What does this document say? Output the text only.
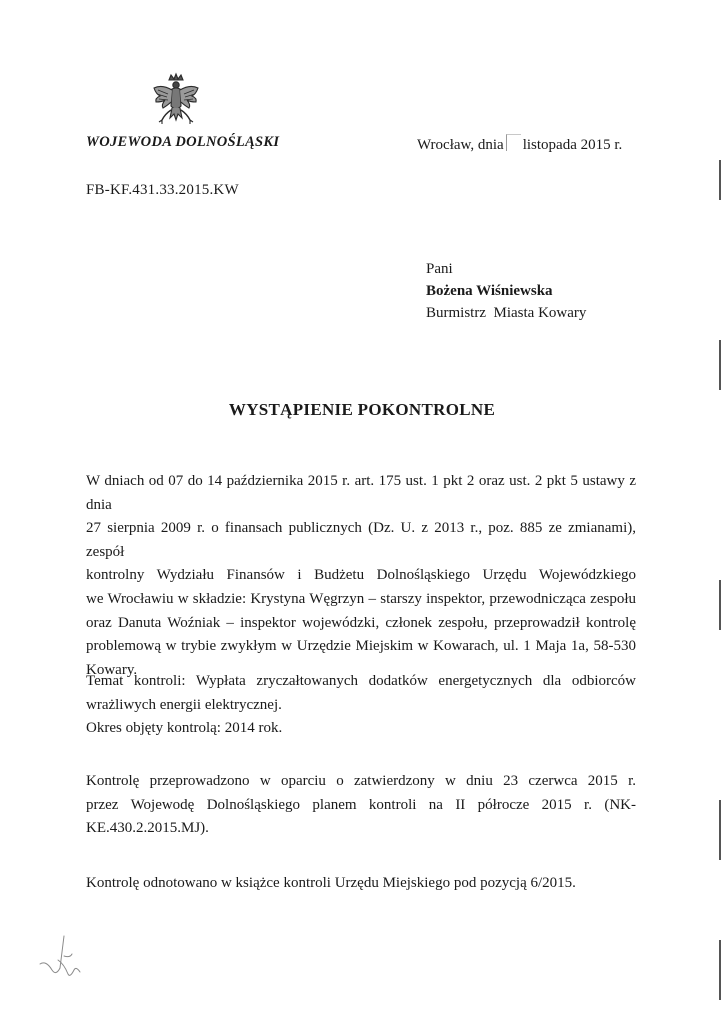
WOJEWODA DOLNOŚLĄSKI	Wrocław, dnia listopada 2015 r.
FB-KF.431.33.2015.KW
Pani
Bożena Wiśniewska
Burmistrz  Miasta Kowary
WYSTĄPIENIE POKONTROLNE
W dniach od 07 do 14 października 2015 r. art. 175 ust. 1 pkt 2 oraz ust. 2 pkt 5 ustawy z dnia
27 sierpnia 2009 r. o finansach publicznych (Dz. U. z 2013 r., poz. 885 ze zmianami), zespół
kontrolny Wydziału Finansów i Budżetu Dolnośląskiego Urzędu Wojewódzkiego
we Wrocławiu w składzie: Krystyna Węgrzyn – starszy inspektor, przewodnicząca zespołu
oraz Danuta Woźniak – inspektor wojewódzki, członek zespołu, przeprowadził kontrolę
problemową w trybie zwykłym w Urzędzie Miejskim w Kowarach, ul. 1 Maja 1a, 58-530
Kowary.
Temat kontroli: Wypłata zryczałtowanych dodatków energetycznych dla odbiorców
wrażliwych energii elektrycznej.
Okres objęty kontrolą: 2014 rok.
Kontrolę przeprowadzono w oparciu o zatwierdzony w dniu 23 czerwca 2015 r.
przez Wojewodę Dolnośląskiego planem kontroli na II półrocze 2015 r. (NK-
KE.430.2.2015.MJ).
Kontrolę odnotowano w książce kontroli Urzędu Miejskiego pod pozycją 6/2015.
